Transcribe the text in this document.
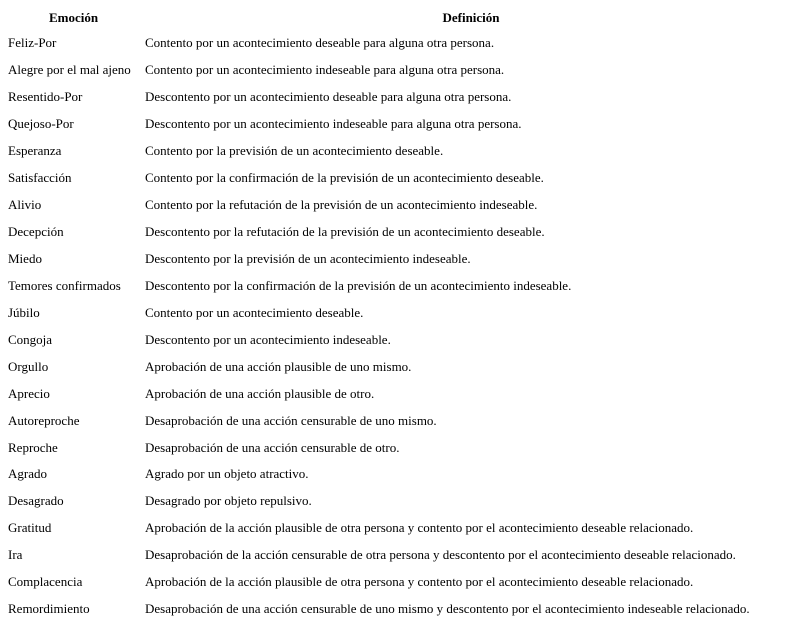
Emoción	Definición
Feliz-Por	Contento por un acontecimiento deseable para alguna otra persona.
Alegre por el mal ajeno	Contento por un acontecimiento indeseable para alguna otra persona.
Resentido-Por	Descontento por un acontecimiento deseable para alguna otra persona.
Quejoso-Por	Descontento por un acontecimiento indeseable para alguna otra persona.
Esperanza	Contento por la previsión de un acontecimiento deseable.
Satisfacción	Contento por la confirmación de la previsión de un acontecimiento deseable.
Alivio	Contento por la refutación de la previsión de un acontecimiento indeseable.
Decepción	Descontento por la refutación de la previsión de un acontecimiento deseable.
Miedo	Descontento por la previsión de un acontecimiento indeseable.
Temores confirmados	Descontento por la confirmación de la previsión de un acontecimiento indeseable.
Júbilo	Contento por un acontecimiento deseable.
Congoja	Descontento por un acontecimiento indeseable.
Orgullo	Aprobación de una acción plausible de uno mismo.
Aprecio	Aprobación de una acción plausible de otro.
Autoreproche	Desaprobación de una acción censurable de uno mismo.
Reproche	Desaprobación de una acción censurable de otro.
Agrado	Agrado por un objeto atractivo.
Desagrado	Desagrado por objeto repulsivo.
Gratitud	Aprobación de la acción plausible de otra persona y contento por el acontecimiento deseable relacionado.
Ira	Desaprobación de la acción censurable de otra persona y descontento por el acontecimiento deseable relacionado.
Complacencia	Aprobación de la acción plausible de otra persona y contento por el acontecimiento deseable relacionado.
Remordimiento	Desaprobación de una acción censurable de uno mismo y descontento por el acontecimiento indeseable relacionado.
